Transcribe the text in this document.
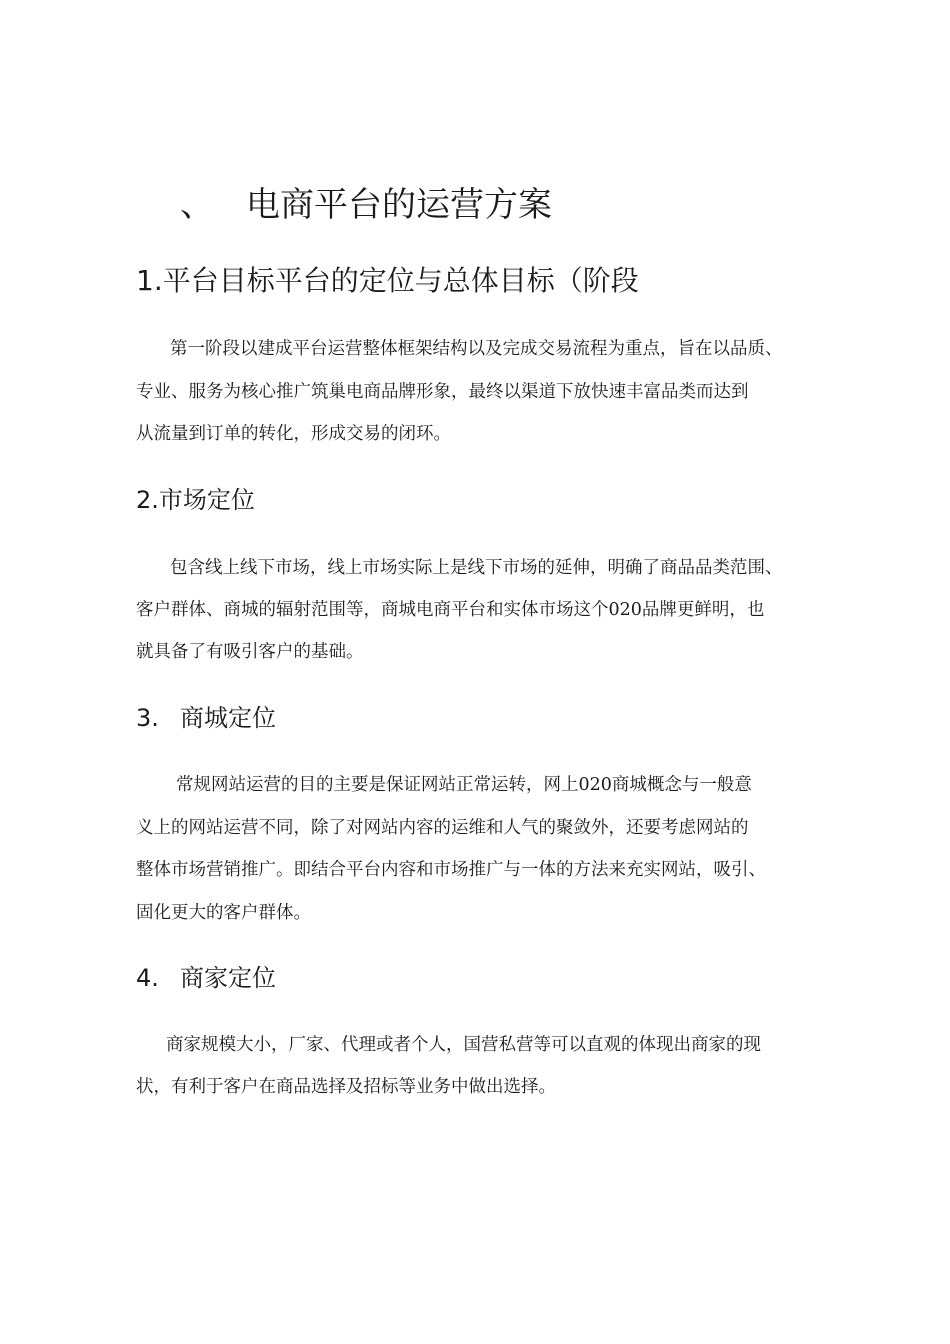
、 电商平台的运营方案
1.平台目标平台的定位与总体目标（阶段
第一阶段以建成平台运营整体框架结构以及完成交易流程为重点，旨在以品质、
专业、服务为核心推广筑巢电商品牌形象，最终以渠道下放快速丰富品类而达到
从流量到订单的转化，形成交易的闭环。
2.市场定位
包含线上线下市场，线上市场实际上是线下市场的延伸，明确了商品品类范围、
客户群体、商城的辐射范围等，商城电商平台和实体市场这个020品牌更鲜明，也
就具备了有吸引客户的基础。
3. 商城定位
常规网站运营的目的主要是保证网站正常运转，网上020商城概念与一般意
义上的网站运营不同，除了对网站内容的运维和人气的聚敛外，还要考虑网站的
整体市场营销推广。即结合平台内容和市场推广与一体的方法来充实网站，吸引、
固化更大的客户群体。
4. 商家定位
商家规模大小，厂家、代理或者个人，国营私营等可以直观的体现出商家的现
状，有利于客户在商品选择及招标等业务中做出选择。
